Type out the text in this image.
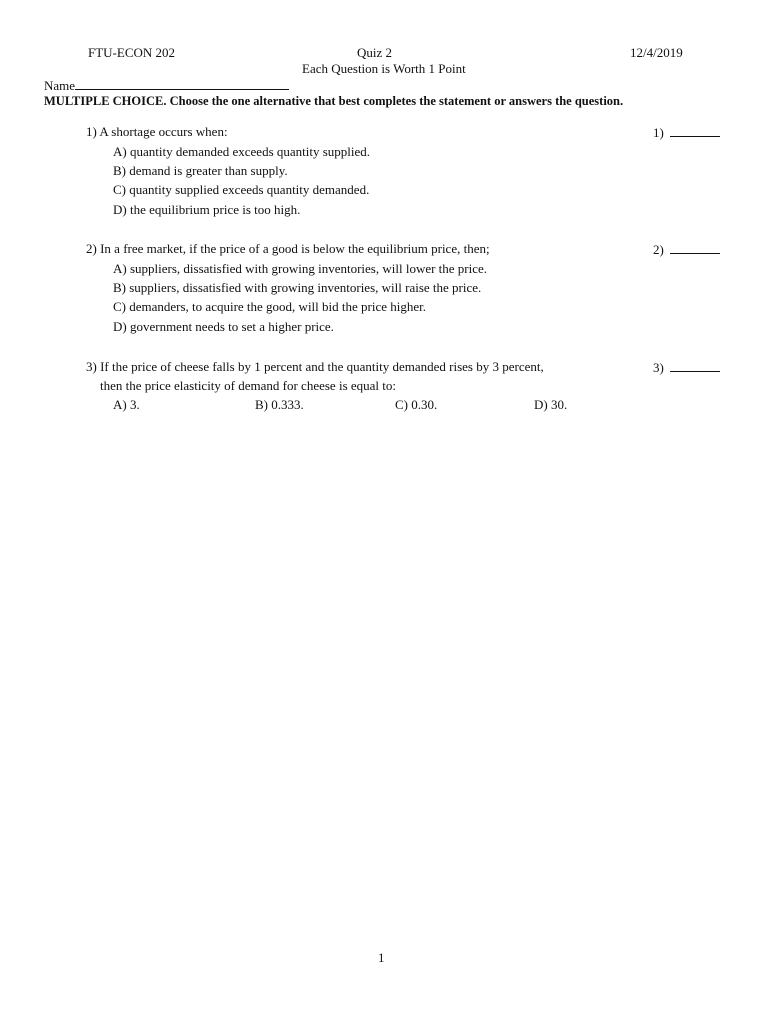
FTU-ECON 202	Quiz 2	12/4/2019
Each Question is Worth 1 Point
Name
MULTIPLE CHOICE. Choose the one alternative that best completes the statement or answers the question.
1) A shortage occurs when:	1)
A) quantity demanded exceeds quantity supplied.
B) demand is greater than supply.
C) quantity supplied exceeds quantity demanded.
D) the equilibrium price is too high.
2) In a free market, if the price of a good is below the equilibrium price, then;	2)
A) suppliers, dissatisfied with growing inventories, will lower the price.
B) suppliers, dissatisfied with growing inventories, will raise the price.
C) demanders, to acquire the good, will bid the price higher.
D) government needs to set a higher price.
3) If the price of cheese falls by 1 percent and the quantity demanded rises by 3 percent,
then the price elasticity of demand for cheese is equal to:
3)
A) 3.	B) 0.333.	C) 0.30.	D) 30.
1
